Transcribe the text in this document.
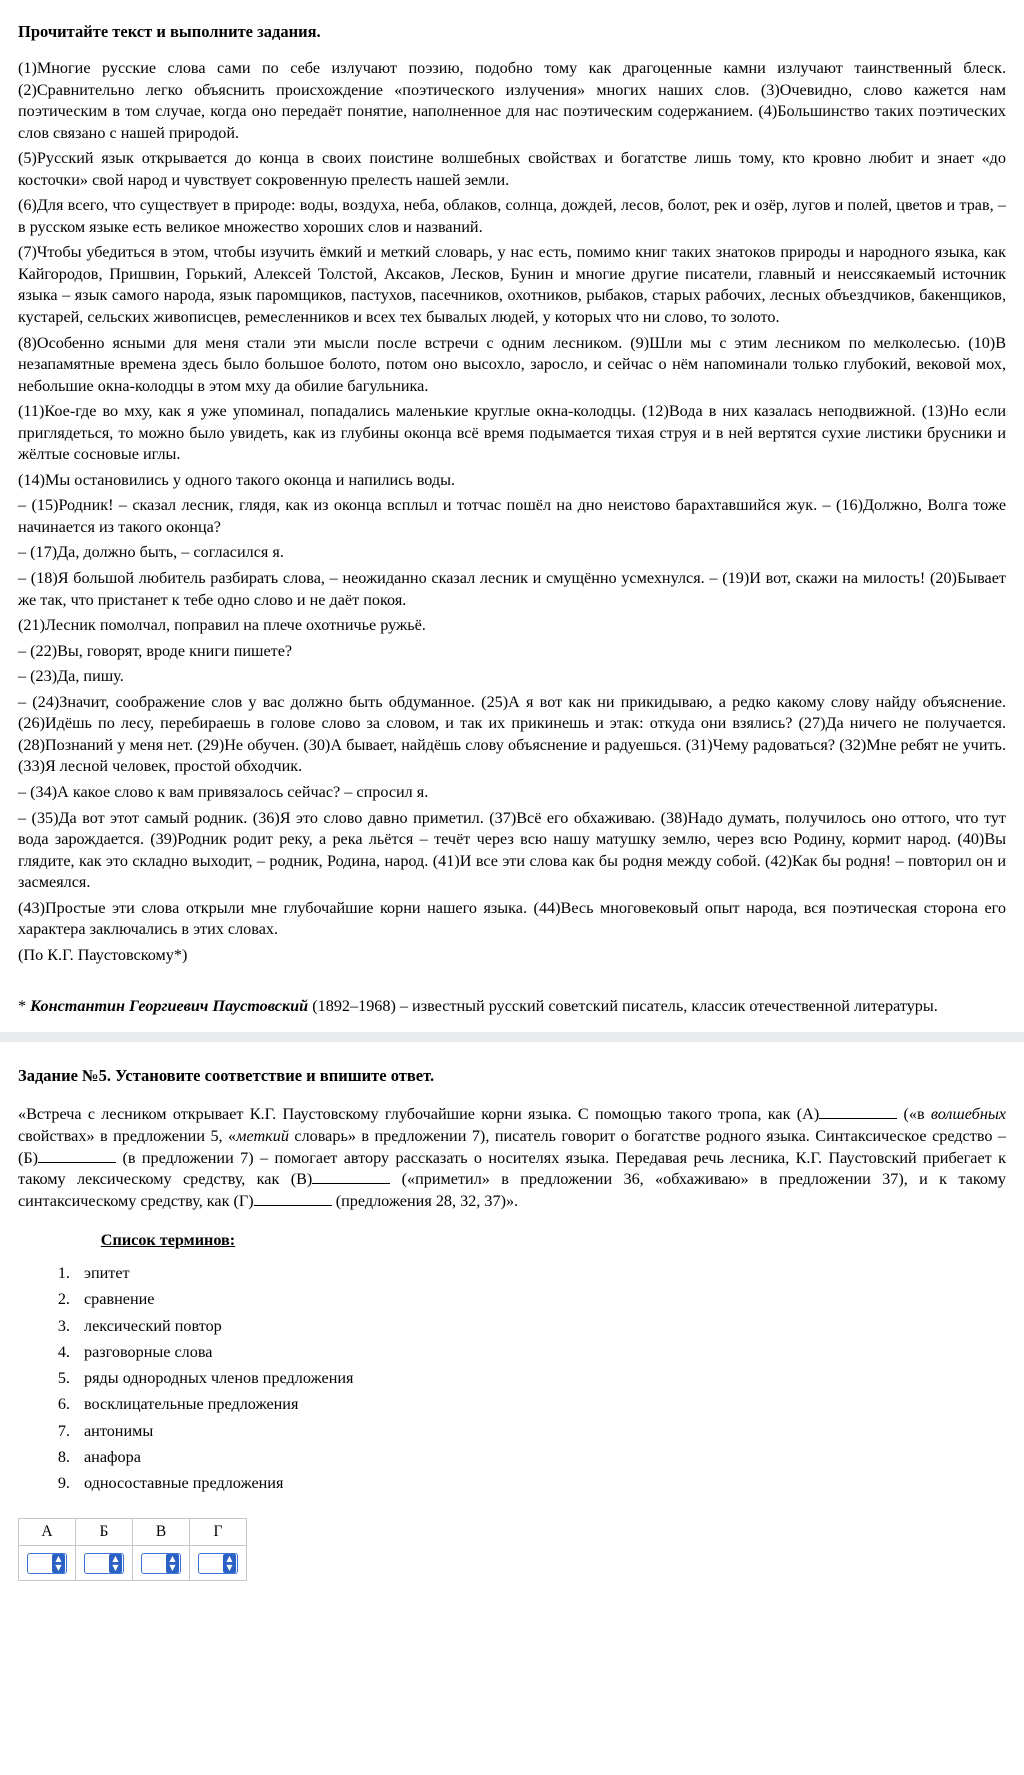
Прочитайте текст и выполните задания.

(1)Многие русские слова сами по себе излучают поэзию, подобно тому как драгоценные камни излучают таинственный блеск. (2)Сравнительно легко объяснить происхождение «поэтического излучения» многих наших слов. (3)Очевидно, слово кажется нам поэтическим в том случае, когда оно передаёт понятие, наполненное для нас поэтическим содержанием. (4)Большинство таких поэтических слов связано с нашей природой.

(5)Русский язык открывается до конца в своих поистине волшебных свойствах и богатстве лишь тому, кто кровно любит и знает «до косточки» свой народ и чувствует сокровенную прелесть нашей земли.

(6)Для всего, что существует в природе: воды, воздуха, неба, облаков, солнца, дождей, лесов, болот, рек и озёр, лугов и полей, цветов и трав, – в русском языке есть великое множество хороших слов и названий.

(7)Чтобы убедиться в этом, чтобы изучить ёмкий и меткий словарь, у нас есть, помимо книг таких знатоков природы и народного языка, как Кайгородов, Пришвин, Горький, Алексей Толстой, Аксаков, Лесков, Бунин и многие другие писатели, главный и неиссякаемый источник языка – язык самого народа, язык паромщиков, пастухов, пасечников, охотников, рыбаков, старых рабочих, лесных объездчиков, бакенщиков, кустарей, сельских живописцев, ремесленников и всех тех бывалых людей, у которых что ни слово, то золото.

(8)Особенно ясными для меня стали эти мысли после встречи с одним лесником. (9)Шли мы с этим лесником по мелколесью. (10)В незапамятные времена здесь было большое болото, потом оно высохло, заросло, и сейчас о нём напоминали только глубокий, вековой мох, небольшие окна-колодцы в этом мху да обилие багульника.

(11)Кое-где во мху, как я уже упоминал, попадались маленькие круглые окна-колодцы. (12)Вода в них казалась неподвижной. (13)Но если приглядеться, то можно было увидеть, как из глубины оконца всё время подымается тихая струя и в ней вертятся сухие листики брусники и жёлтые сосновые иглы.

(14)Мы остановились у одного такого оконца и напились воды.

– (15)Родник! – сказал лесник, глядя, как из оконца всплыл и тотчас пошёл на дно неистово барахтавшийся жук. – (16)Должно, Волга тоже начинается из такого оконца?

– (17)Да, должно быть, – согласился я.

– (18)Я большой любитель разбирать слова, – неожиданно сказал лесник и смущённо усмехнулся. – (19)И вот, скажи на милость! (20)Бывает же так, что пристанет к тебе одно слово и не даёт покоя.

(21)Лесник помолчал, поправил на плече охотничье ружьё.

– (22)Вы, говорят, вроде книги пишете?

– (23)Да, пишу.

– (24)Значит, соображение слов у вас должно быть обдуманное. (25)А я вот как ни прикидываю, а редко какому слову найду объяснение. (26)Идёшь по лесу, перебираешь в голове слово за словом, и так их прикинешь и этак: откуда они взялись? (27)Да ничего не получается. (28)Познаний у меня нет. (29)Не обучен. (30)А бывает, найдёшь слову объяснение и радуешься. (31)Чему радоваться? (32)Мне ребят не учить. (33)Я лесной человек, простой обходчик.

– (34)А какое слово к вам привязалось сейчас? – спросил я.

– (35)Да вот этот самый родник. (36)Я это слово давно приметил. (37)Всё его обхаживаю. (38)Надо думать, получилось оно оттого, что тут вода зарождается. (39)Родник родит реку, а река льётся – течёт через всю нашу матушку землю, через всю Родину, кормит народ. (40)Вы глядите, как это складно выходит, – родник, Родина, народ. (41)И все эти слова как бы родня между собой. (42)Как бы родня! – повторил он и засмеялся.

(43)Простые эти слова открыли мне глубочайшие корни нашего языка. (44)Весь многовековый опыт народа, вся поэтическая сторона его характера заключались в этих словах.

(По К.Г. Паустовскому*)

* Константин Георгиевич Паустовский (1892–1968) – известный русский советский писатель, классик отечественной литературы.

Задание №5. Установите соответствие и впишите ответ.
«Встреча с лесником открывает К.Г. Паустовскому глубочайшие корни языка. С помощью такого тропа, как (А)	(«в волшебных свойствах» в предложении 5, «меткий словарь» в предложении 7), писатель говорит о богатстве родного языка. Синтаксическое средство – (Б)	(в предложении 7) – помогает автору рассказать о носителях языка. Передавая речь лесника, К.Г. Паустовский прибегает к такому лексическому средству, как (В)	(«приметил» в предложении 36, «обхаживаю» в предложении 37), и к такому синтаксическому средству, как (Г)	(предложения 28, 32, 37)».
Список терминов:
1. эпитет
2. сравнение
3. лексический повтор
4. разговорные слова
5. ряды однородных членов предложения
6. восклицательные предложения
7. антонимы
8. анафора
9. односоставные предложения
А	Б	В	Г

▲
▼

▲
▼

▲
▼

▲
▼
